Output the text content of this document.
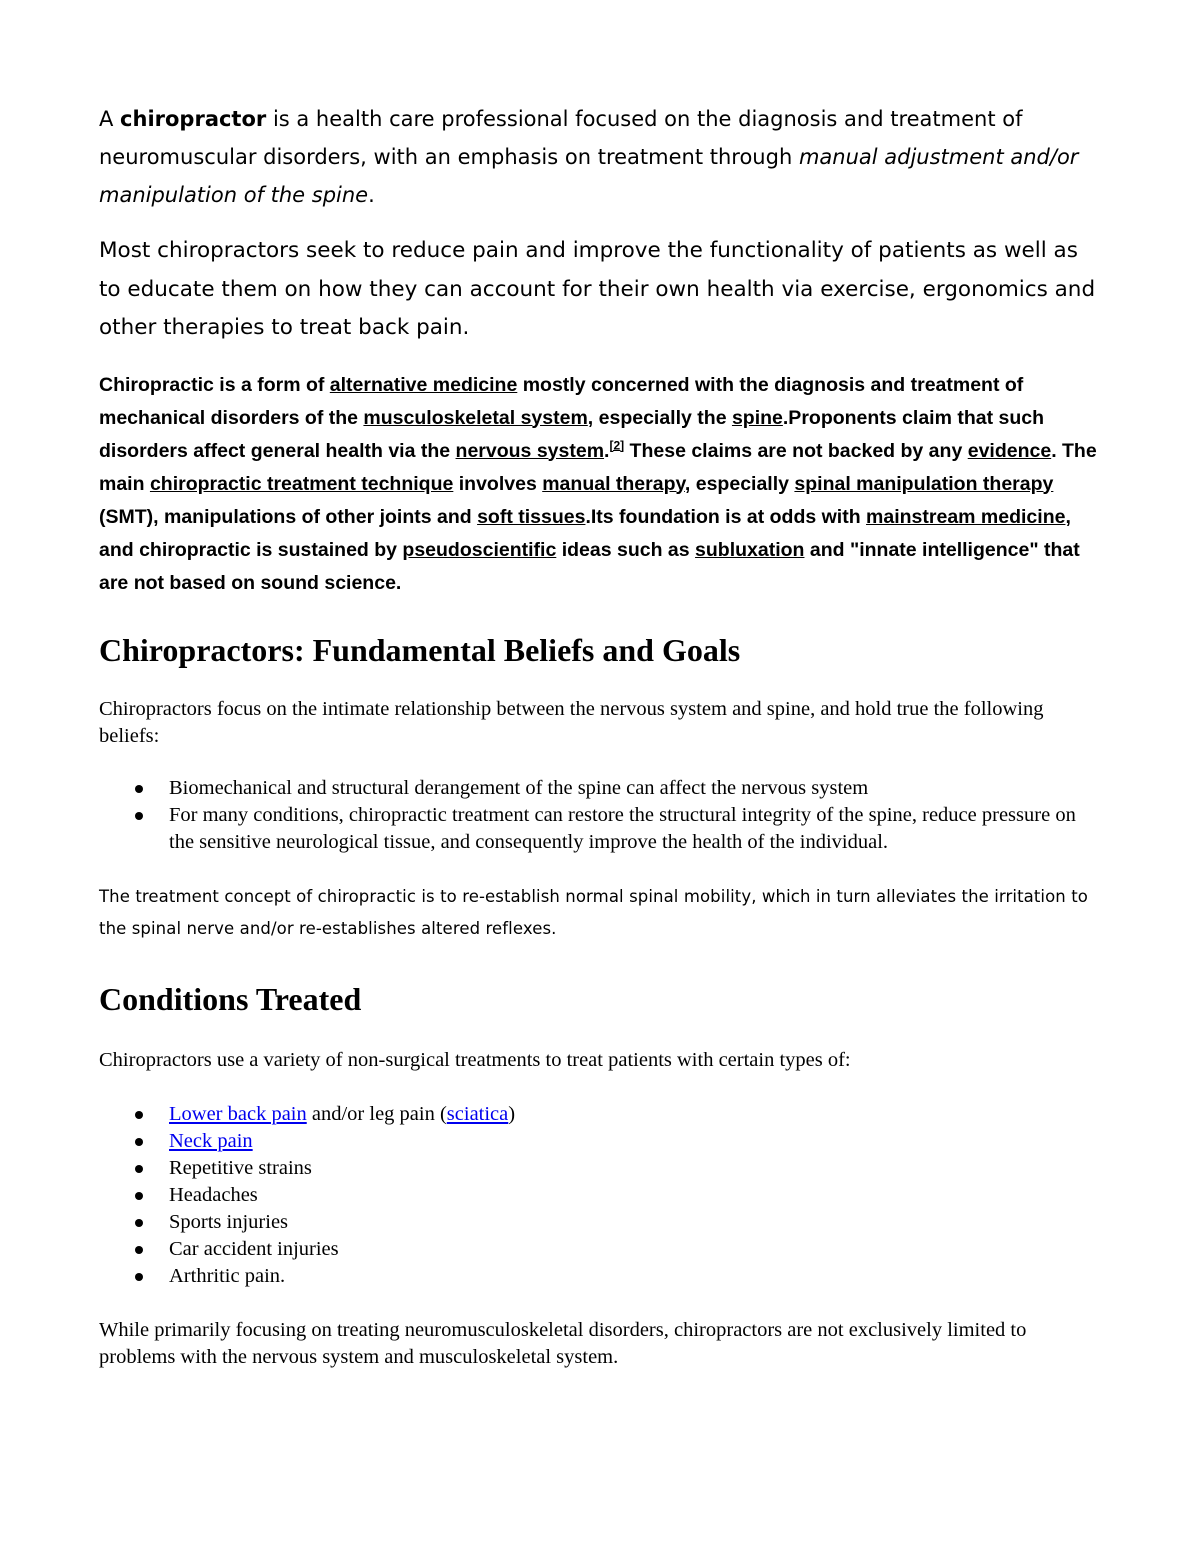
A chiropractor is a health care professional focused on the diagnosis and treatment of neuromuscular disorders, with an emphasis on treatment through manual adjustment and/or manipulation of the spine.

Most chiropractors seek to reduce pain and improve the functionality of patients as well as to educate them on how they can account for their own health via exercise, ergonomics and other therapies to treat back pain.

Chiropractic is a form of alternative medicine mostly concerned with the diagnosis and treatment of mechanical disorders of the musculoskeletal system, especially the spine.Proponents claim that such disorders affect general health via the nervous system.[2] These claims are not backed by any evidence. The main chiropractic treatment technique involves manual therapy, especially spinal manipulation therapy (SMT), manipulations of other joints and soft tissues.Its foundation is at odds with mainstream medicine, and chiropractic is sustained by pseudoscientific ideas such as subluxation and "innate intelligence" that are not based on sound science.

Chiropractors: Fundamental Beliefs and Goals

Chiropractors focus on the intimate relationship between the nervous system and spine, and hold true the following beliefs:

Biomechanical and structural derangement of the spine can affect the nervous system
For many conditions, chiropractic treatment can restore the structural integrity of the spine, reduce pressure on the sensitive neurological tissue, and consequently improve the health of the individual.

The treatment concept of chiropractic is to re-establish normal spinal mobility, which in turn alleviates the irritation to the spinal nerve and/or re-establishes altered reflexes.

Conditions Treated

Chiropractors use a variety of non-surgical treatments to treat patients with certain types of:

Lower back pain and/or leg pain (sciatica)
Neck pain
Repetitive strains
Headaches
Sports injuries
Car accident injuries
Arthritic pain.

While primarily focusing on treating neuromusculoskeletal disorders, chiropractors are not exclusively limited to problems with the nervous system and musculoskeletal system.
